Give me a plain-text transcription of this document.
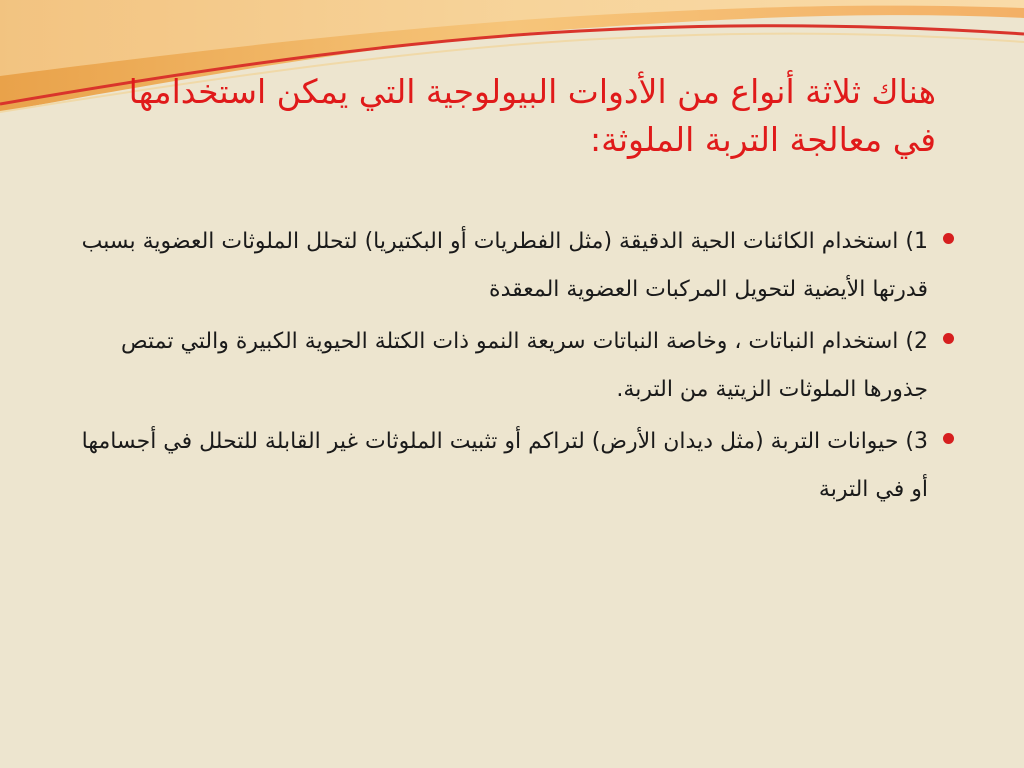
هناك ثلاثة أنواع من الأدوات البيولوجية التي يمكن استخدامها في معالجة التربة الملوثة:
1) استخدام الكائنات الحية الدقيقة (مثل الفطريات أو البكتيريا) لتحلل الملوثات العضوية بسبب قدرتها الأيضية لتحويل المركبات العضوية المعقدة
2) استخدام النباتات ، وخاصة النباتات سريعة النمو ذات الكتلة الحيوية الكبيرة والتي تمتص جذورها الملوثات الزيتية من التربة.
3) حيوانات التربة (مثل ديدان الأرض) لتراكم أو تثبيت الملوثات غير القابلة للتحلل في أجسامها أو في التربة
